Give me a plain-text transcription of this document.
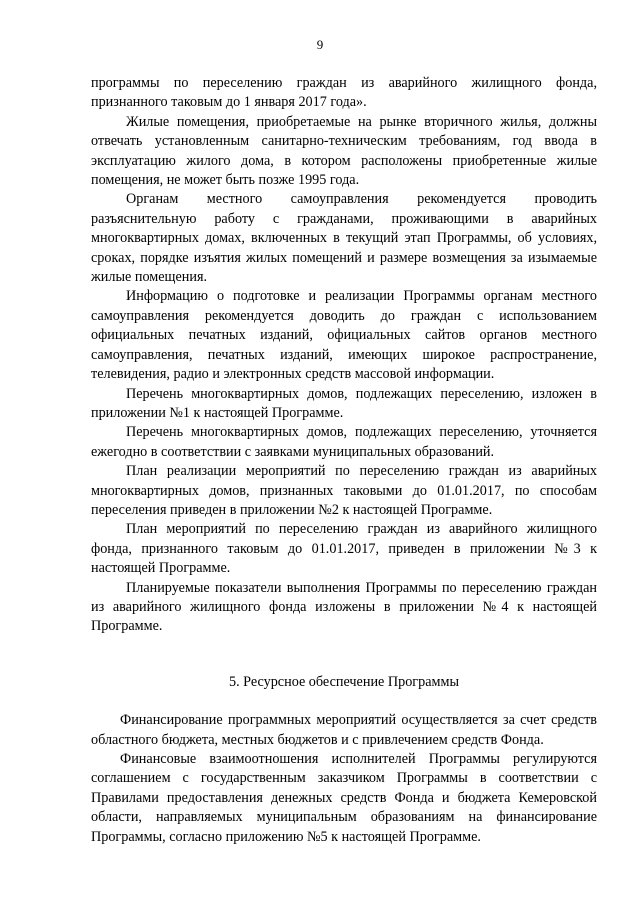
9

программы по переселению граждан из аварийного жилищного фонда, признанного таковым до 1 января 2017 года».

Жилые помещения, приобретаемые на рынке вторичного жилья, должны отвечать установленным санитарно-техническим требованиям, год ввода в эксплуатацию жилого дома, в котором расположены приобретенные жилые помещения, не может быть позже 1995 года.

Органам местного самоуправления рекомендуется проводить разъяснительную работу с гражданами, проживающими в аварийных многоквартирных домах, включенных в текущий этап Программы, об условиях, сроках, порядке изъятия жилых помещений и размере возмещения за изымаемые жилые помещения.

Информацию о подготовке и реализации Программы органам местного самоуправления рекомендуется доводить до граждан с использованием официальных печатных изданий, официальных сайтов органов местного самоуправления, печатных изданий, имеющих широкое распространение, телевидения, радио и электронных средств массовой информации.

Перечень многоквартирных домов, подлежащих переселению, изложен в приложении №1 к настоящей Программе.

Перечень многоквартирных домов, подлежащих переселению, уточняется ежегодно в соответствии с заявками муниципальных образований.

План реализации мероприятий по переселению граждан из аварийных многоквартирных домов, признанных таковыми до 01.01.2017, по способам переселения приведен в приложении №2 к настоящей Программе.

План мероприятий по переселению граждан из аварийного жилищного фонда, признанного таковым до 01.01.2017, приведен в приложении №3 к настоящей Программе.

Планируемые показатели выполнения Программы по переселению граждан из аварийного жилищного фонда изложены в приложении №4 к настоящей Программе.

5. Ресурсное обеспечение Программы

Финансирование программных мероприятий осуществляется за счет средств областного бюджета, местных бюджетов и с привлечением средств Фонда.

Финансовые взаимоотношения исполнителей Программы регулируются соглашением с государственным заказчиком Программы в соответствии с Правилами предоставления денежных средств Фонда и бюджета Кемеровской области, направляемых муниципальным образованиям на финансирование Программы, согласно приложению №5 к настоящей Программе.
